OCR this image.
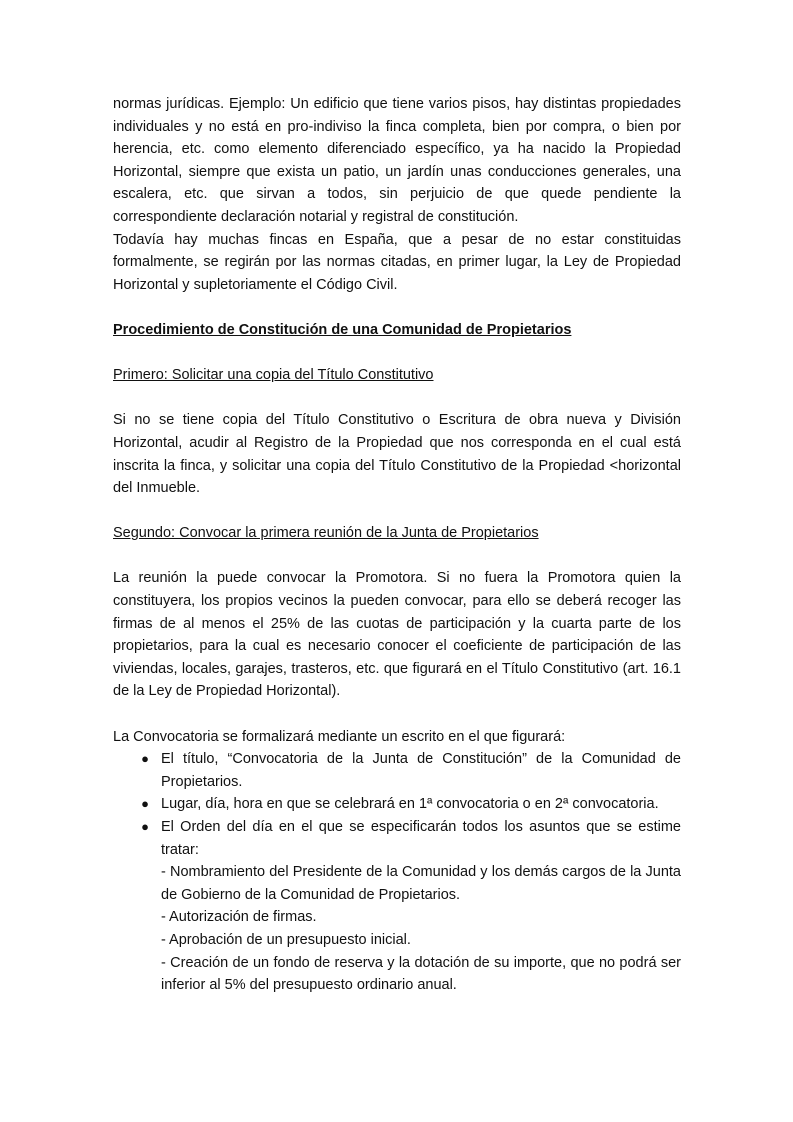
normas jurídicas. Ejemplo: Un edificio que tiene varios pisos, hay distintas propiedades individuales y no está en pro-indiviso la finca completa, bien por compra, o bien por herencia, etc. como elemento diferenciado específico, ya ha nacido la Propiedad Horizontal, siempre que exista un patio, un jardín unas conducciones generales, una escalera, etc. que sirvan a todos, sin perjuicio de que quede pendiente la correspondiente declaración notarial y registral de constitución.

Todavía hay muchas fincas en España, que a pesar de no estar constituidas formalmente, se regirán por las normas citadas, en primer lugar, la Ley de Propiedad Horizontal y supletoriamente el Código Civil.

Procedimiento de Constitución de una Comunidad de Propietarios

Primero: Solicitar una copia del Título Constitutivo

Si no se tiene copia del Título Constitutivo o Escritura de obra nueva y División Horizontal, acudir al Registro de la Propiedad que nos corresponda en el cual está inscrita la finca, y solicitar una copia del Título Constitutivo de la Propiedad <horizontal del Inmueble.

Segundo: Convocar la primera reunión de la Junta de Propietarios

La reunión la puede convocar la Promotora. Si no fuera la Promotora quien la constituyera, los propios vecinos la pueden convocar, para ello se deberá recoger las firmas de al menos el 25% de las cuotas de participación y la cuarta parte de los propietarios, para la cual es necesario conocer el coeficiente de participación de las viviendas, locales, garajes, trasteros, etc. que figurará en el Título Constitutivo (art. 16.1 de la Ley de Propiedad Horizontal).

La Convocatoria se formalizará mediante un escrito en el que figurará:

● El título, “Convocatoria de la Junta de Constitución” de la Comunidad de Propietarios.
● Lugar, día, hora en que se celebrará en 1ª convocatoria o en 2ª convocatoria.
● El Orden del día en el que se especificarán todos los asuntos que se estime tratar:
- Nombramiento del Presidente de la Comunidad y los demás cargos de la Junta de Gobierno de la Comunidad de Propietarios.
- Autorización de firmas.
- Aprobación de un presupuesto inicial.
- Creación de un fondo de reserva y la dotación de su importe, que no podrá ser inferior al 5% del presupuesto ordinario anual.
